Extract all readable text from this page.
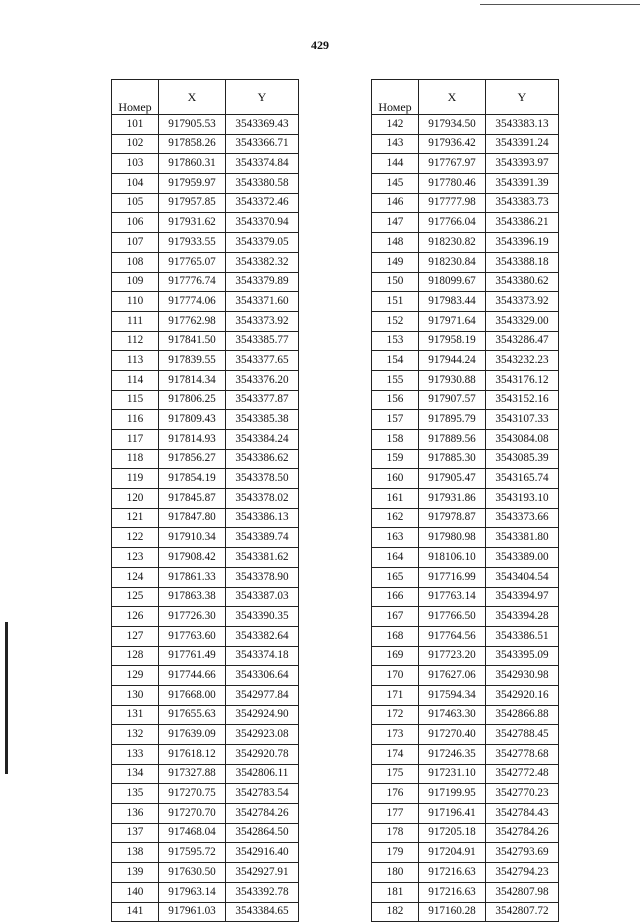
429
Номер	X	Y
101	917905.53	3543369.43
102	917858.26	3543366.71
103	917860.31	3543374.84
104	917959.97	3543380.58
105	917957.85	3543372.46
106	917931.62	3543370.94
107	917933.55	3543379.05
108	917765.07	3543382.32
109	917776.74	3543379.89
110	917774.06	3543371.60
111	917762.98	3543373.92
112	917841.50	3543385.77
113	917839.55	3543377.65
114	917814.34	3543376.20
115	917806.25	3543377.87
116	917809.43	3543385.38
117	917814.93	3543384.24
118	917856.27	3543386.62
119	917854.19	3543378.50
120	917845.87	3543378.02
121	917847.80	3543386.13
122	917910.34	3543389.74
123	917908.42	3543381.62
124	917861.33	3543378.90
125	917863.38	3543387.03
126	917726.30	3543390.35
127	917763.60	3543382.64
128	917761.49	3543374.18
129	917744.66	3543306.64
130	917668.00	3542977.84
131	917655.63	3542924.90
132	917639.09	3542923.08
133	917618.12	3542920.78
134	917327.88	3542806.11
135	917270.75	3542783.54
136	917270.70	3542784.26
137	917468.04	3542864.50
138	917595.72	3542916.40
139	917630.50	3542927.91
140	917963.14	3543392.78
141	917961.03	3543384.65
Номер	X	Y
142	917934.50	3543383.13
143	917936.42	3543391.24
144	917767.97	3543393.97
145	917780.46	3543391.39
146	917777.98	3543383.73
147	917766.04	3543386.21
148	918230.82	3543396.19
149	918230.84	3543388.18
150	918099.67	3543380.62
151	917983.44	3543373.92
152	917971.64	3543329.00
153	917958.19	3543286.47
154	917944.24	3543232.23
155	917930.88	3543176.12
156	917907.57	3543152.16
157	917895.79	3543107.33
158	917889.56	3543084.08
159	917885.30	3543085.39
160	917905.47	3543165.74
161	917931.86	3543193.10
162	917978.87	3543373.66
163	917980.98	3543381.80
164	918106.10	3543389.00
165	917716.99	3543404.54
166	917763.14	3543394.97
167	917766.50	3543394.28
168	917764.56	3543386.51
169	917723.20	3543395.09
170	917627.06	3542930.98
171	917594.34	3542920.16
172	917463.30	3542866.88
173	917270.40	3542788.45
174	917246.35	3542778.68
175	917231.10	3542772.48
176	917199.95	3542770.23
177	917196.41	3542784.43
178	917205.18	3542784.26
179	917204.91	3542793.69
180	917216.63	3542794.23
181	917216.63	3542807.98
182	917160.28	3542807.72
